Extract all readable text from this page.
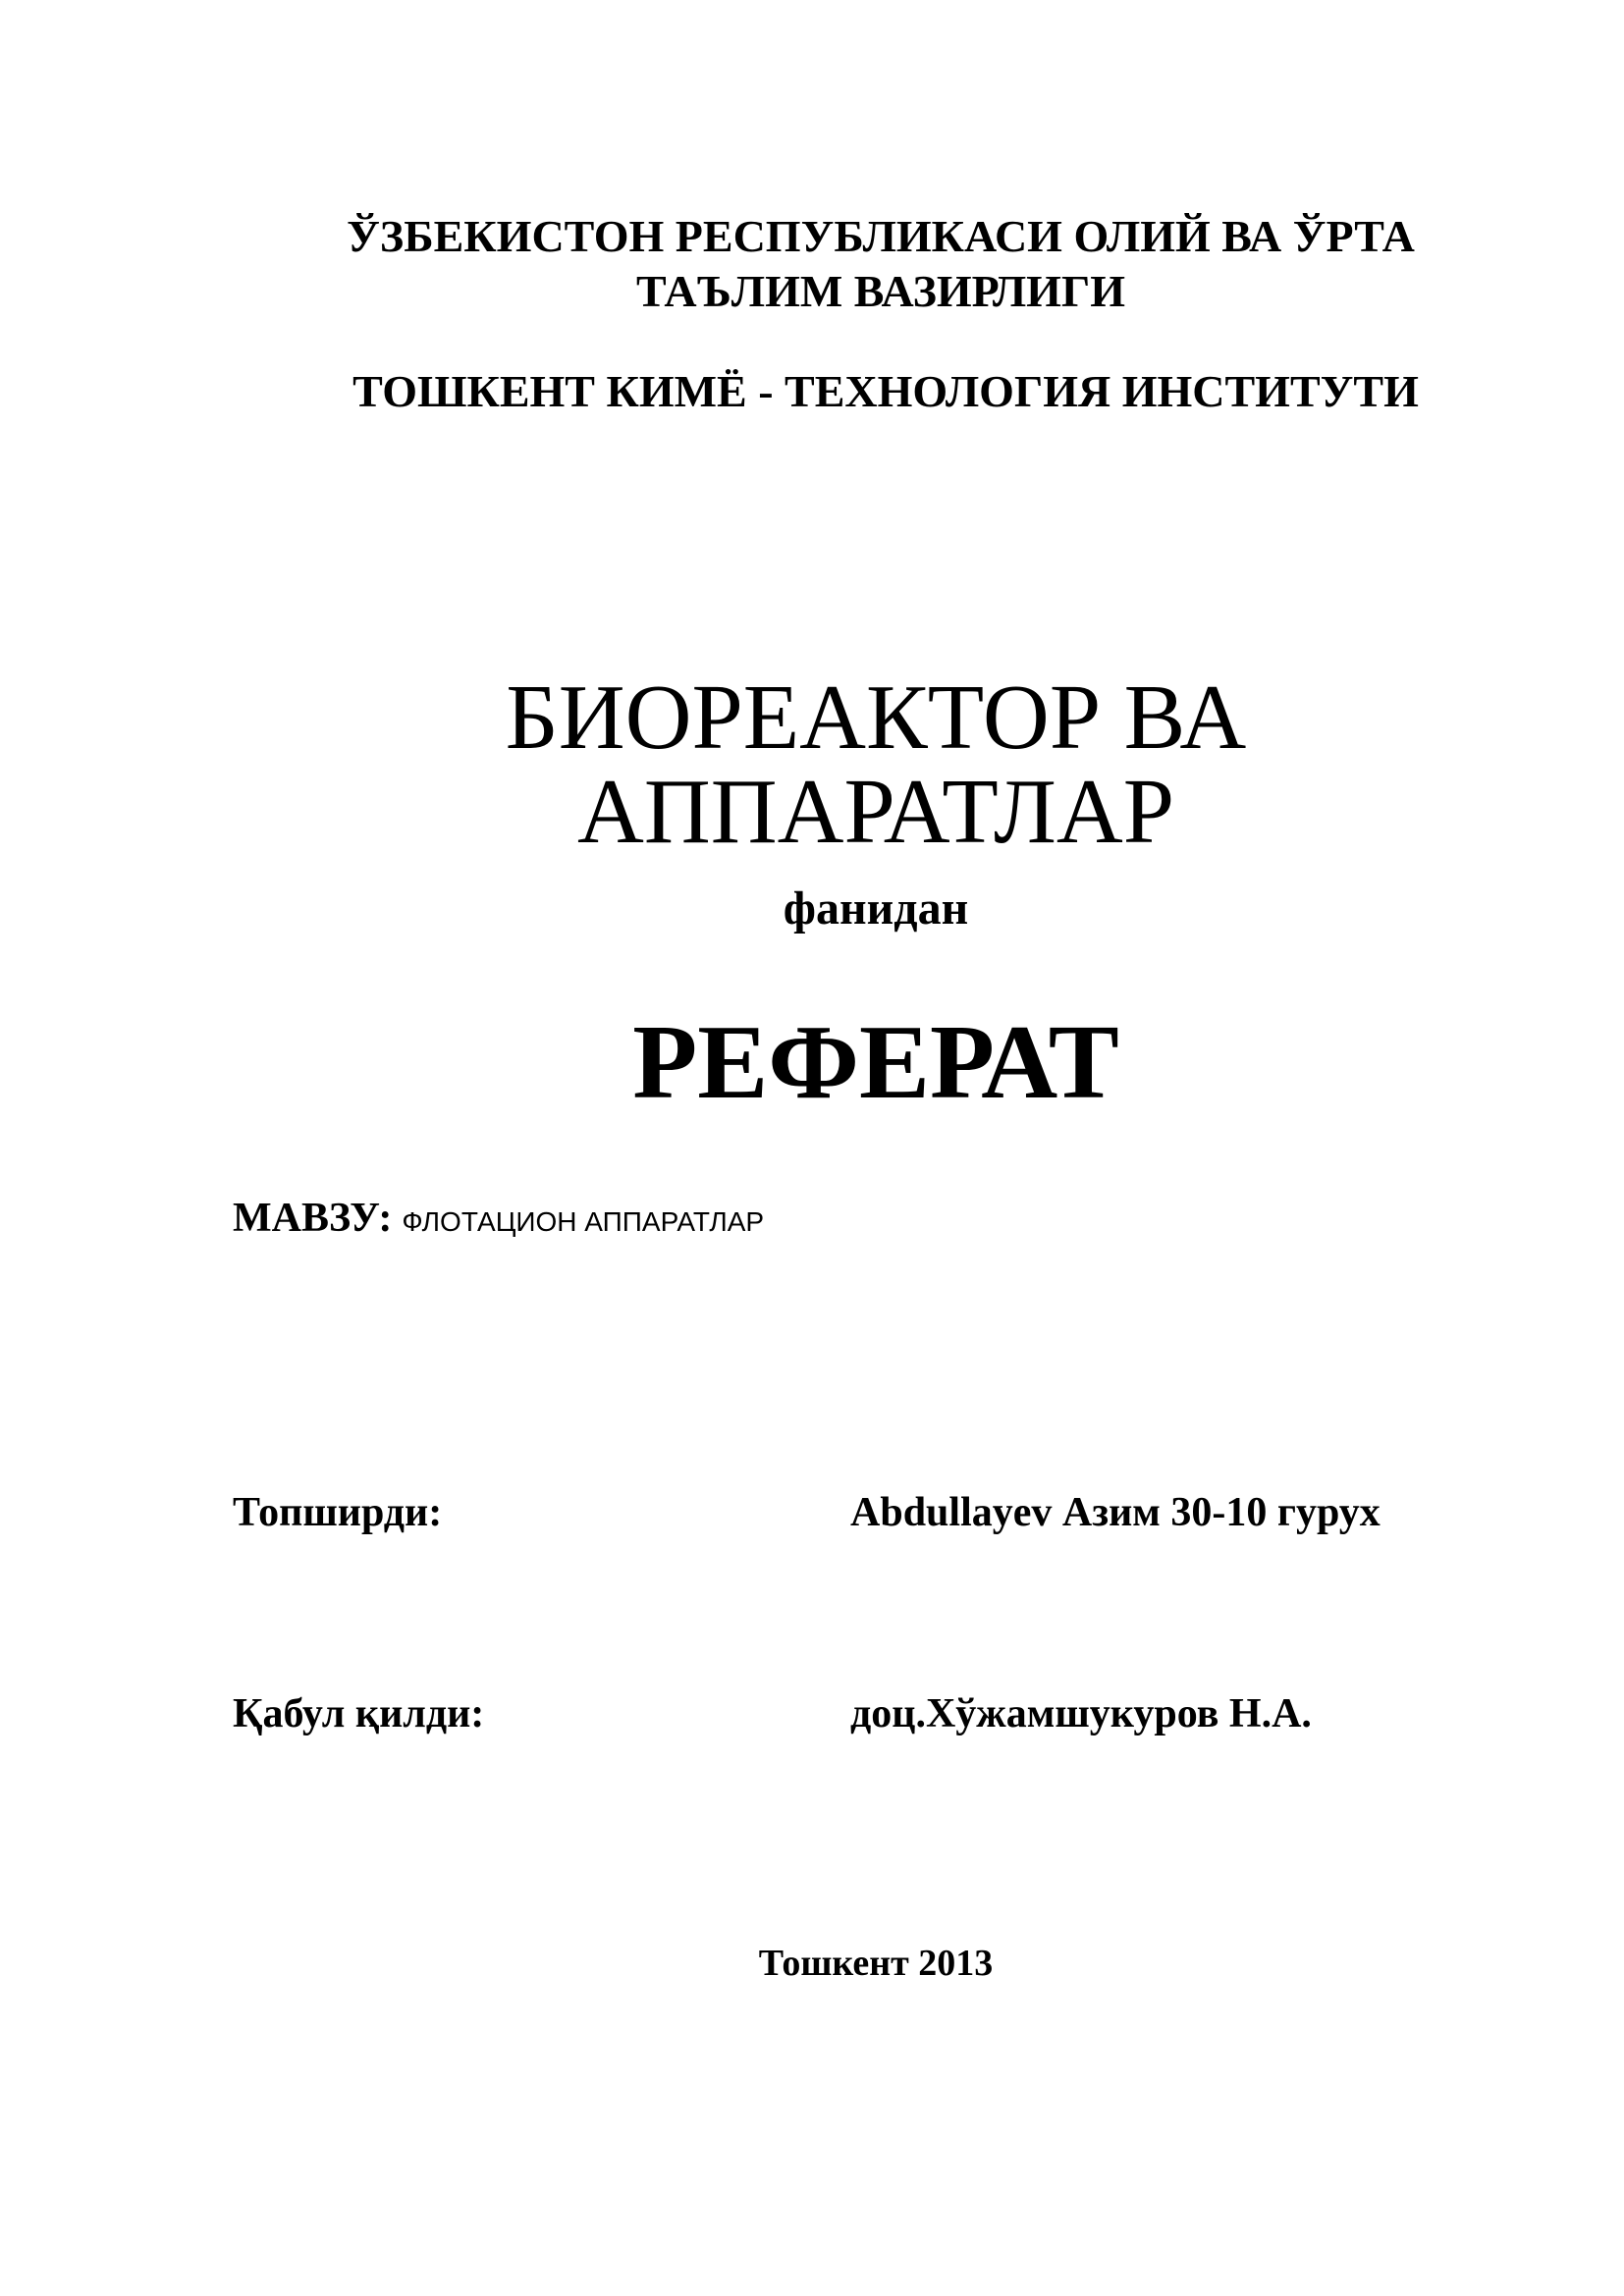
ЎЗБЕКИСТОН РЕСПУБЛИКАСИ ОЛИЙ ВА ЎРТА
ТАЪЛИМ ВАЗИРЛИГИ
ТОШКЕНТ КИМЁ - ТЕХНОЛОГИЯ ИНСТИТУТИ
БИОРЕАКТОР ВА
АППАРАТЛАР
фанидан
РЕФЕРАТ
МАВЗУ: ФЛОТАЦИОН АППАРАТЛАР
Топширди:	Abdullayev Азим 30-10 гурух
Қабул қилди:	доц.Хўжамшукуров Н.А.
Тошкент 2013
